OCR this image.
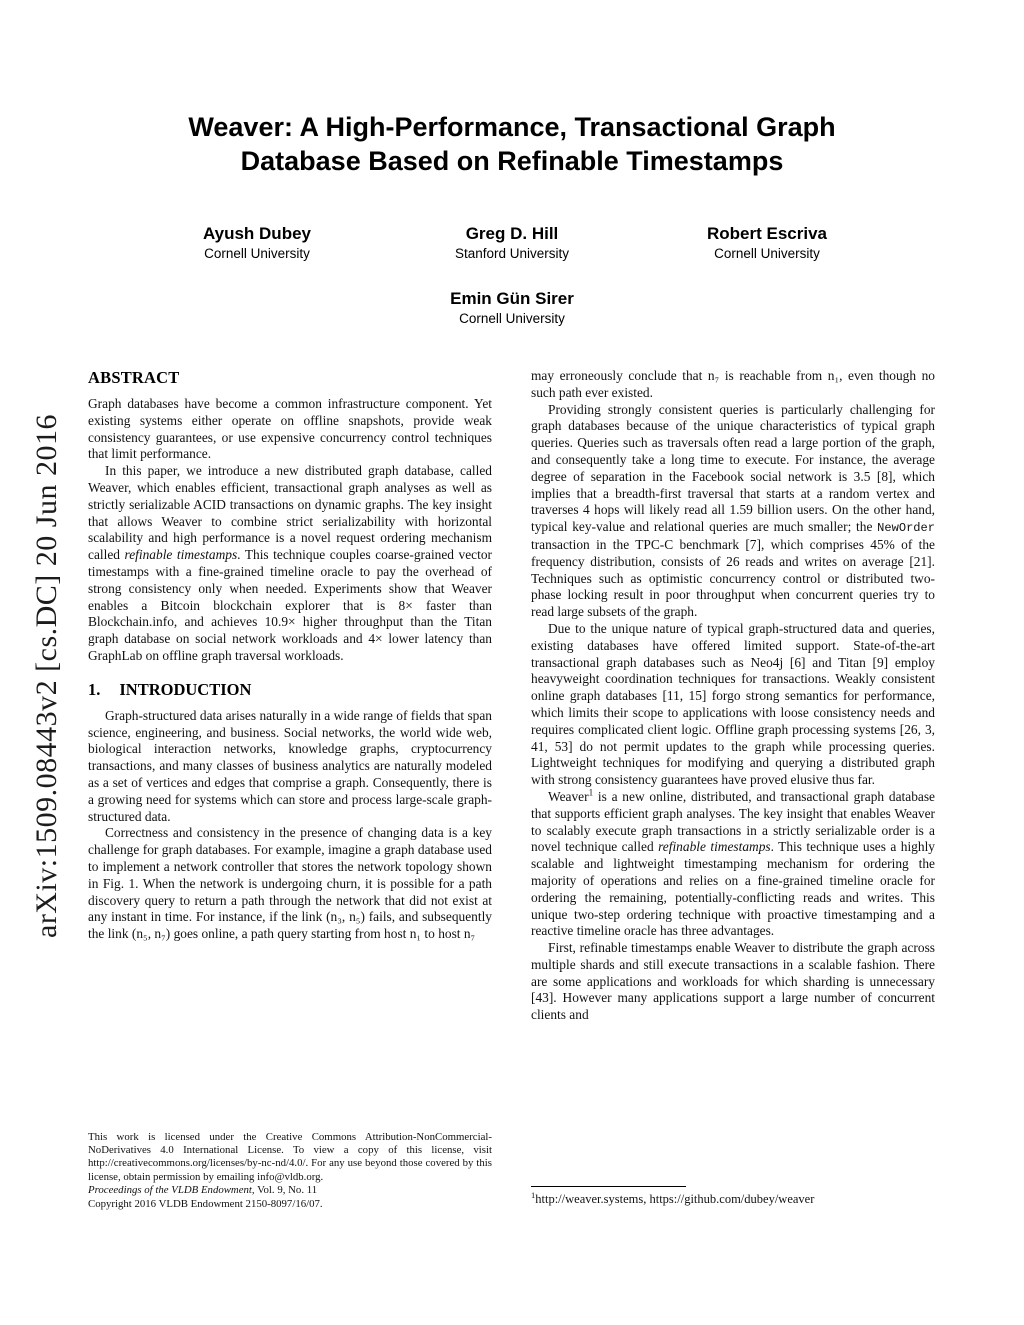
arXiv:1509.08443v2 [cs.DC] 20 Jun 2016
Weaver: A High-Performance, Transactional Graph Database Based on Refinable Timestamps
Ayush Dubey
Cornell University
Greg D. Hill
Stanford University
Robert Escriva
Cornell University
Emin Gün Sirer
Cornell University
ABSTRACT

Graph databases have become a common infrastructure component. Yet existing systems either operate on offline snapshots, provide weak consistency guarantees, or use expensive concurrency control techniques that limit performance.

In this paper, we introduce a new distributed graph database, called Weaver, which enables efficient, transactional graph analyses as well as strictly serializable ACID transactions on dynamic graphs. The key insight that allows Weaver to combine strict serializability with horizontal scalability and high performance is a novel request ordering mechanism called refinable timestamps. This technique couples coarse-grained vector timestamps with a fine-grained timeline oracle to pay the overhead of strong consistency only when needed. Experiments show that Weaver enables a Bitcoin blockchain explorer that is 8× faster than Blockchain.info, and achieves 10.9× higher throughput than the Titan graph database on social network workloads and 4× lower latency than GraphLab on offline graph traversal workloads.

1. INTRODUCTION

Graph-structured data arises naturally in a wide range of fields that span science, engineering, and business. Social networks, the world wide web, biological interaction networks, knowledge graphs, cryptocurrency transactions, and many classes of business analytics are naturally modeled as a set of vertices and edges that comprise a graph. Consequently, there is a growing need for systems which can store and process large-scale graph-structured data.

Correctness and consistency in the presence of changing data is a key challenge for graph databases. For example, imagine a graph database used to implement a network controller that stores the network topology shown in Fig. 1. When the network is undergoing churn, it is possible for a path discovery query to return a path through the network that did not exist at any instant in time. For instance, if the link (n₃, n₅) fails, and subsequently the link (n₅, n₇) goes online, a path query starting from host n₁ to host n₇

This work is licensed under the Creative Commons Attribution-NonCommercial-NoDerivatives 4.0 International License. To view a copy of this license, visit http://creativecommons.org/licenses/by-nc-nd/4.0/. For any use beyond those covered by this license, obtain permission by emailing info@vldb.org.

Proceedings of the VLDB Endowment, Vol. 9, No. 11

Copyright 2016 VLDB Endowment 2150-8097/16/07.

may erroneously conclude that n₇ is reachable from n₁, even though no such path ever existed.

Providing strongly consistent queries is particularly challenging for graph databases because of the unique characteristics of typical graph queries. Queries such as traversals often read a large portion of the graph, and consequently take a long time to execute. For instance, the average degree of separation in the Facebook social network is 3.5 [8], which implies that a breadth-first traversal that starts at a random vertex and traverses 4 hops will likely read all 1.59 billion users. On the other hand, typical key-value and relational queries are much smaller; the NewOrder transaction in the TPC-C benchmark [7], which comprises 45% of the frequency distribution, consists of 26 reads and writes on average [21]. Techniques such as optimistic concurrency control or distributed two-phase locking result in poor throughput when concurrent queries try to read large subsets of the graph.

Due to the unique nature of typical graph-structured data and queries, existing databases have offered limited support. State-of-the-art transactional graph databases such as Neo4j [6] and Titan [9] employ heavyweight coordination techniques for transactions. Weakly consistent online graph databases [11, 15] forgo strong semantics for performance, which limits their scope to applications with loose consistency needs and requires complicated client logic. Offline graph processing systems [26, 3, 41, 53] do not permit updates to the graph while processing queries. Lightweight techniques for modifying and querying a distributed graph with strong consistency guarantees have proved elusive thus far.

Weaver$^1$ is a new online, distributed, and transactional graph database that supports efficient graph analyses. The key insight that enables Weaver to scalably execute graph transactions in a strictly serializable order is a novel technique called refinable timestamps. This technique uses a highly scalable and lightweight timestamping mechanism for ordering the majority of operations and relies on a fine-grained timeline oracle for ordering the remaining, potentially-conflicting reads and writes. This unique two-step ordering technique with proactive timestamping and a reactive timeline oracle has three advantages.

First, refinable timestamps enable Weaver to distribute the graph across multiple shards and still execute transactions in a scalable fashion. There are some applications and workloads for which sharding is unnecessary [43]. However many applications support a large number of concurrent clients and

$^1$http://weaver.systems, https://github.com/dubey/weaver
